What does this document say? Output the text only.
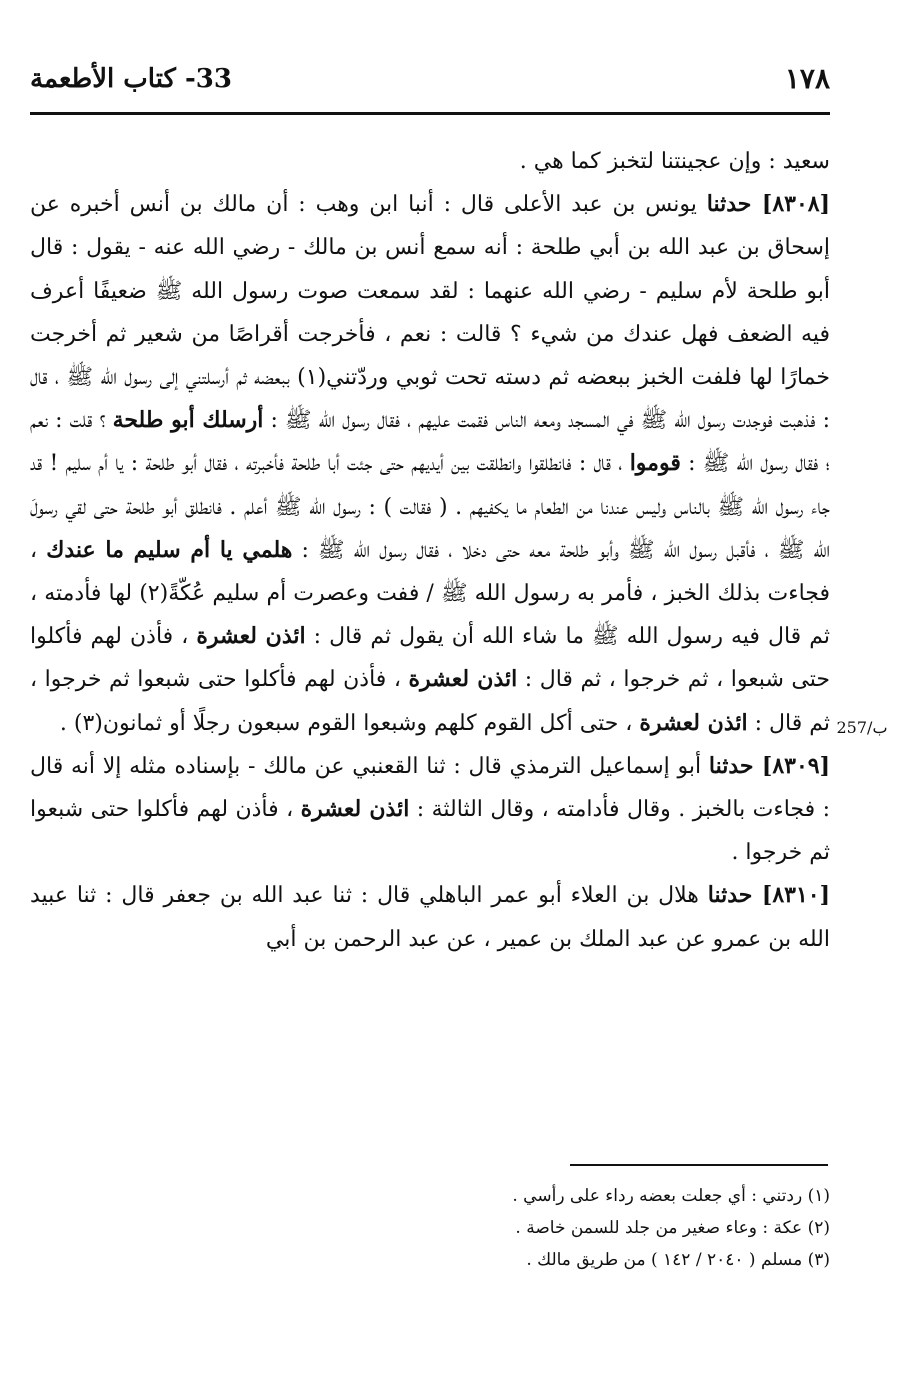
١٧٨
33- كتاب الأطعمة
257/ب

سعيد : وإن عجينتنا لتخبز كما هي .

[٨٣٠٨] حدثنا يونس بن عبد الأعلى قال : أنبا ابن وهب : أن مالك بن أنس أخبره عن إسحاق بن عبد الله بن أبي طلحة : أنه سمع أنس بن مالك - رضي الله عنه - يقول : قال أبو طلحة لأم سليم - رضي الله عنهما : لقد سمعت صوت رسول الله ﷺ ضعيفًا أعرف فيه الضعف فهل عندك من شيء ؟ قالت : نعم ، فأخرجت أقراصًا من شعير ثم أخرجت خمارًا لها فلفت الخبز ببعضه ثم دسته تحت ثوبي وردّتني(١) ببعضه ثم أرسلتني إلى رسول الله ﷺ ، قال : فذهبت فوجدت رسول الله ﷺ في المسجد ومعه الناس فقمت عليهم ، فقال رسول الله ﷺ : أرسلك أبو طلحة ؟ قلت : نعم ؛ فقال رسول الله ﷺ : قوموا ، قال : فانطلقوا وانطلقت بين أيديهم حتى جئت أبا طلحة فأخبرته ، فقال أبو طلحة : يا أم سليم ! قد جاء رسول الله ﷺ بالناس وليس عندنا من الطعام ما يكفيهم . ( فقالت ) : رسول الله ﷺ أعلم . فانطلق أبو طلحة حتى لقي رسولَ الله ﷺ ، فأقبل رسول الله ﷺ وأبو طلحة معه حتى دخلا ، فقال رسول الله ﷺ : هلمي يا أم سليم ما عندك ، فجاءت بذلك الخبز ، فأمر به رسول الله ﷺ / ففت وعصرت أم سليم عُكّةً(٢) لها فأدمته ، ثم قال فيه رسول الله ﷺ ما شاء الله أن يقول ثم قال : ائذن لعشرة ، فأذن لهم فأكلوا حتى شبعوا ، ثم خرجوا ، ثم قال : ائذن لعشرة ، فأذن لهم فأكلوا حتى شبعوا ثم خرجوا ، ثم قال : ائذن لعشرة ، حتى أكل القوم كلهم وشبعوا القوم سبعون رجلًا أو ثمانون(٣) .

[٨٣٠٩] حدثنا أبو إسماعيل الترمذي قال : ثنا القعنبي عن مالك - بإسناده مثله إلا أنه قال : فجاءت بالخبز . وقال فأدامته ، وقال الثالثة : ائذن لعشرة ، فأذن لهم فأكلوا حتى شبعوا ثم خرجوا .

[٨٣١٠] حدثنا هلال بن العلاء أبو عمر الباهلي قال : ثنا عبد الله بن جعفر قال : ثنا عبيد الله بن عمرو عن عبد الملك بن عمير ، عن عبد الرحمن بن أبي

(١) ردتني : أي جعلت بعضه رداء على رأسي .
(٢) عكة : وعاء صغير من جلد للسمن خاصة .
(٣) مسلم ( ٢٠٤٠ / ١٤٢ ) من طريق مالك .
